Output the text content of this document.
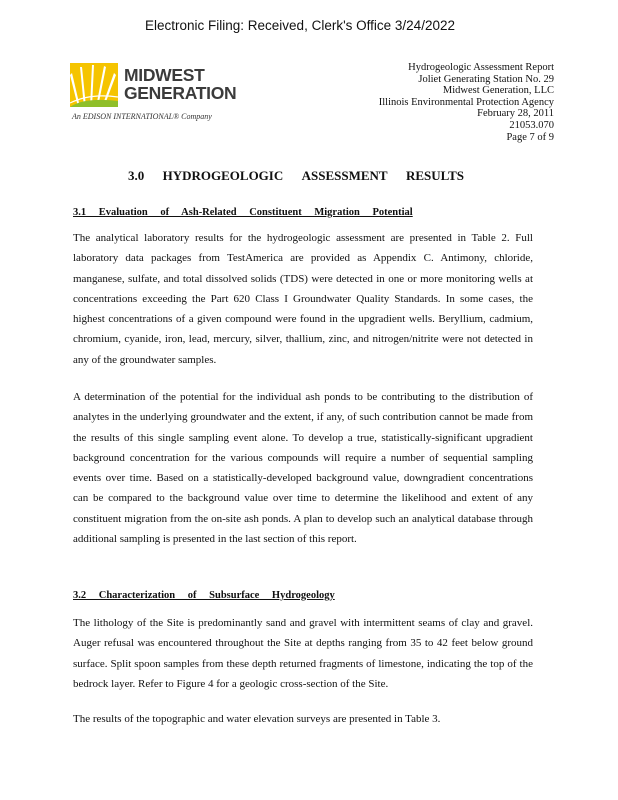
Electronic Filing: Received, Clerk's Office 3/24/2022
MIDWEST
GENERATION
An EDISON INTERNATIONAL® Company
Hydrogeologic Assessment Report
Joliet Generating Station No. 29
Midwest Generation, LLC
Illinois Environmental Protection Agency
February 28, 2011
21053.070
Page 7 of 9
3.0 HYDROGEOLOGIC ASSESSMENT RESULTS
3.1 Evaluation of Ash-Related Constituent Migration Potential
The analytical laboratory results for the hydrogeologic assessment are presented in Table 2. Full laboratory data packages from TestAmerica are provided as Appendix C. Antimony, chloride, manganese, sulfate, and total dissolved solids (TDS) were detected in one or more monitoring wells at concentrations exceeding the Part 620 Class I Groundwater Quality Standards. In some cases, the highest concentrations of a given compound were found in the upgradient wells. Beryllium, cadmium, chromium, cyanide, iron, lead, mercury, silver, thallium, zinc, and nitrogen/nitrite were not detected in any of the groundwater samples.
A determination of the potential for the individual ash ponds to be contributing to the distribution of analytes in the underlying groundwater and the extent, if any, of such contribution cannot be made from the results of this single sampling event alone. To develop a true, statistically-significant upgradient background concentration for the various compounds will require a number of sequential sampling events over time. Based on a statistically-developed background value, downgradient concentrations can be compared to the background value over time to determine the likelihood and extent of any constituent migration from the on-site ash ponds. A plan to develop such an analytical database through additional sampling is presented in the last section of this report.
3.2 Characterization of Subsurface Hydrogeology
The lithology of the Site is predominantly sand and gravel with intermittent seams of clay and gravel. Auger refusal was encountered throughout the Site at depths ranging from 35 to 42 feet below ground surface. Split spoon samples from these depth returned fragments of limestone, indicating the top of the bedrock layer. Refer to Figure 4 for a geologic cross-section of the Site.
The results of the topographic and water elevation surveys are presented in Table 3.
